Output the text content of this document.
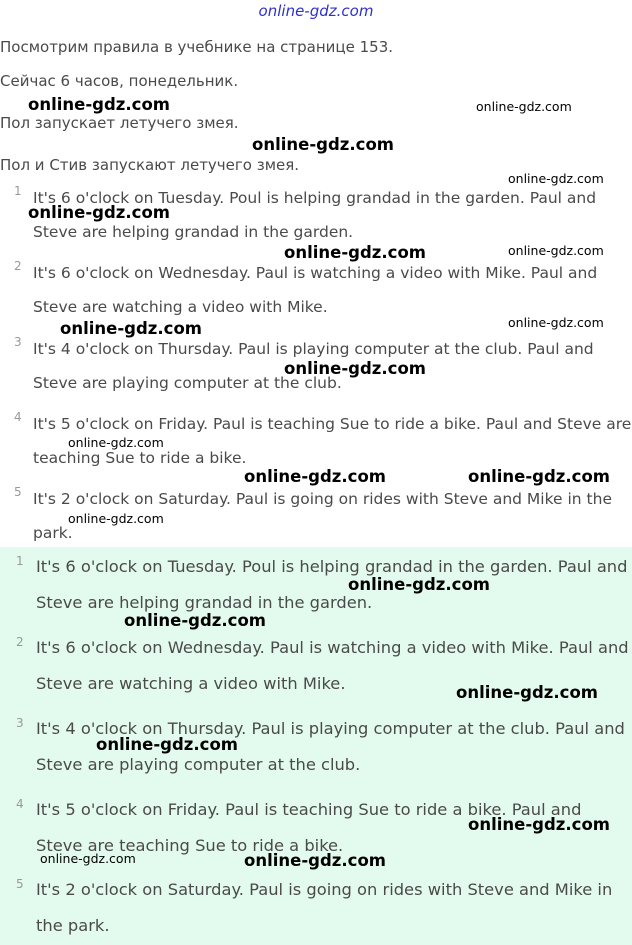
online-gdz.com
Посмотрим правила в учебнике на странице 153.
Сейчас 6 часов, понедельник.
Пол запускает летучего змея.
Пол и Стив запускают летучего змея.
1 It's 6 o'clock on Tuesday. Poul is helping grandad in the garden. Paul and Steve are helping grandad in the garden.
2 It's 6 o'clock on Wednesday. Paul is watching a video with Mike. Paul and Steve are watching a video with Mike.
3 It's 4 o'clock on Thursday. Paul is playing computer at the club. Paul and Steve are playing computer at the club.
4 It's 5 o'clock on Friday. Paul is teaching Sue to ride a bike. Paul and Steve are teaching Sue to ride a bike.
5 It's 2 o'clock on Saturday. Paul is going on rides with Steve and Mike in the park.
1 It's 6 o'clock on Tuesday. Poul is helping grandad in the garden. Paul and Steve are helping grandad in the garden.
2 It's 6 o'clock on Wednesday. Paul is watching a video with Mike. Paul and Steve are watching a video with Mike.
3 It's 4 o'clock on Thursday. Paul is playing computer at the club. Paul and Steve are playing computer at the club.
4 It's 5 o'clock on Friday. Paul is teaching Sue to ride a bike. Paul and Steve are teaching Sue to ride a bike.
5 It's 2 o'clock on Saturday. Paul is going on rides with Steve and Mike in the park.
online-gdz.com	online-gdz.com
online-gdz.com
online-gdz.com
online-gdz.com
online-gdz.com	online-gdz.com
online-gdz.com
online-gdz.com
online-gdz.com
online-gdz.com
online-gdz.com	online-gdz.com
online-gdz.com
online-gdz.com
online-gdz.com
online-gdz.com
online-gdz.com
online-gdz.com
online-gdz.com	online-gdz.com
